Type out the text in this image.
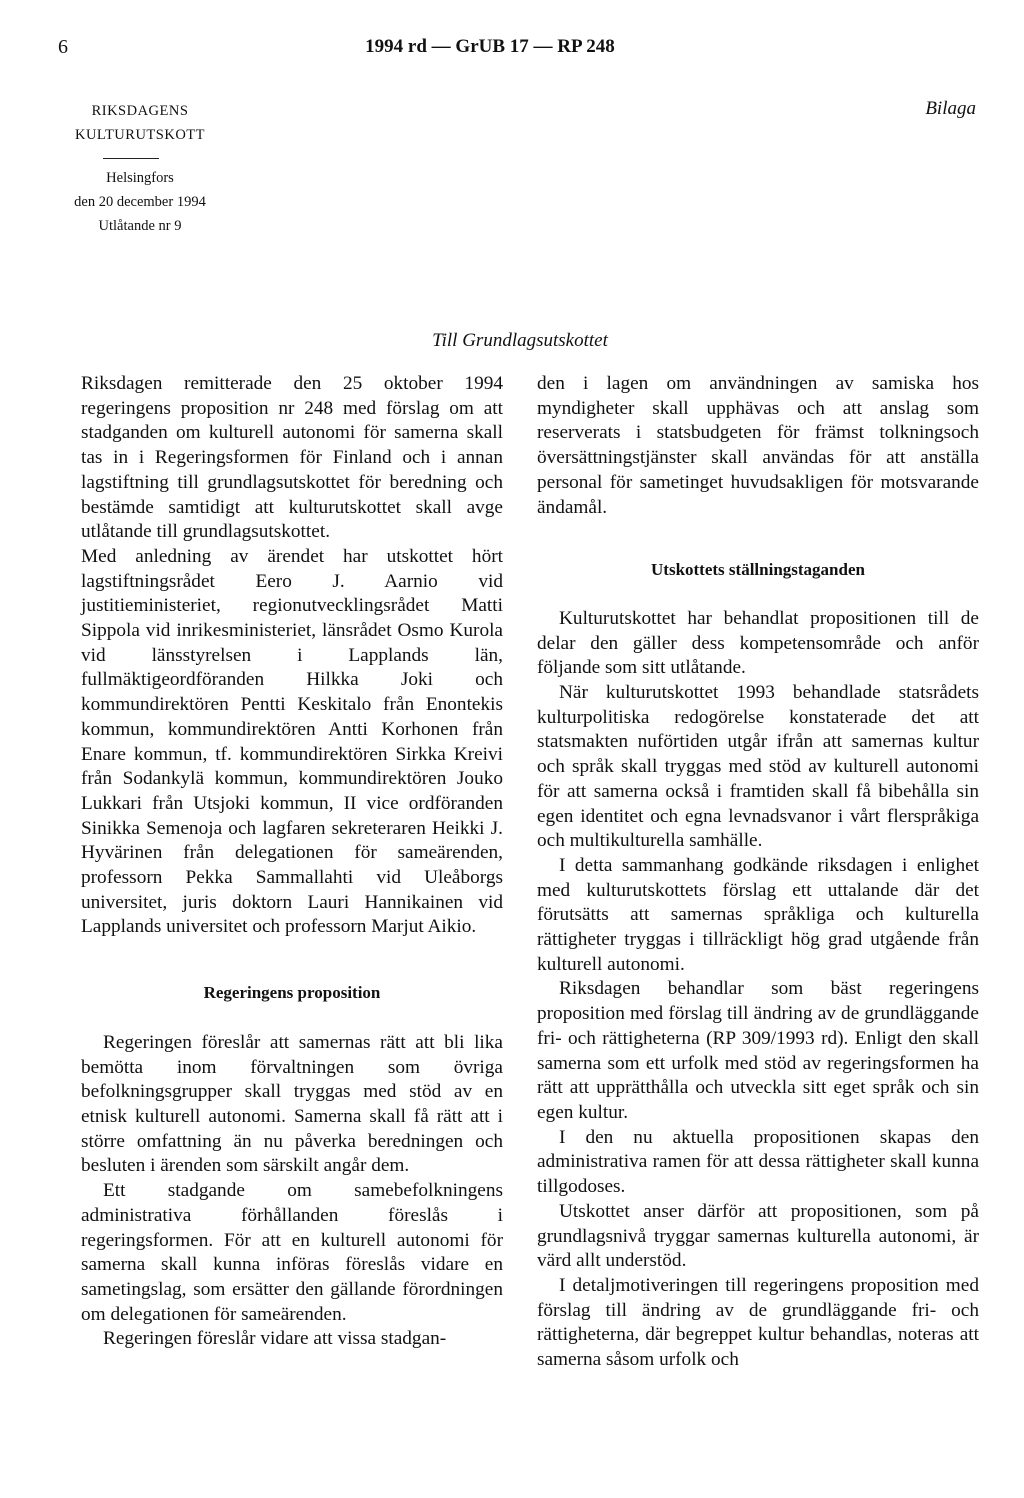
6	1994 rd — GrUB 17 — RP 248
RIKSDAGENS
KULTURUTSKOTT
Helsingfors
den 20 december 1994
Utlåtande nr 9
Bilaga
Till Grundlagsutskottet

Riksdagen remitterade den 25 oktober 1994 regeringens proposition nr 248 med förslag om att stadganden om kulturell autonomi för samerna skall tas in i Regeringsformen för Finland och i annan lagstiftning till grundlagsutskottet för beredning och bestämde samtidigt att kulturutskottet skall avge utlåtande till grundlagsutskottet.

Med anledning av ärendet har utskottet hört lagstiftningsrådet Eero J. Aarnio vid justitieministeriet, regionutvecklingsrådet Matti Sippola vid inrikesministeriet, länsrådet Osmo Kurola vid länsstyrelsen i Lapplands län, fullmäktigeordföranden Hilkka Joki och kommundirektören Pentti Keskitalo från Enontekis kommun, kommundirektören Antti Korhonen från Enare kommun, tf. kommundirektören Sirkka Kreivi från Sodankylä kommun, kommundirektören Jouko Lukkari från Utsjoki kommun, II vice ordföranden Sinikka Semenoja och lagfaren sekreteraren Heikki J. Hyvärinen från delegationen för sameärenden, professorn Pekka Sammallahti vid Uleåborgs universitet, juris doktorn Lauri Hannikainen vid Lapplands universitet och professorn Marjut Aikio.

Regeringens proposition

Regeringen föreslår att samernas rätt att bli lika bemötta inom förvaltningen som övriga befolkningsgrupper skall tryggas med stöd av en etnisk kulturell autonomi. Samerna skall få rätt att i större omfattning än nu påverka beredningen och besluten i ärenden som särskilt angår dem.

Ett stadgande om samebefolkningens administrativa förhållanden föreslås i regeringsformen. För att en kulturell autonomi för samerna skall kunna införas föreslås vidare en sametingslag, som ersätter den gällande förordningen om delegationen för sameärenden.

Regeringen föreslår vidare att vissa stadgan-

den i lagen om användningen av samiska hos myndigheter skall upphävas och att anslag som reserverats i statsbudgeten för främst tolkningsoch översättningstjänster skall användas för att anställa personal för sametinget huvudsakligen för motsvarande ändamål.

Utskottets ställningstaganden

Kulturutskottet har behandlat propositionen till de delar den gäller dess kompetensområde och anför följande som sitt utlåtande.

När kulturutskottet 1993 behandlade statsrådets kulturpolitiska redogörelse konstaterade det att statsmakten nuförtiden utgår ifrån att samernas kultur och språk skall tryggas med stöd av kulturell autonomi för att samerna också i framtiden skall få bibehålla sin egen identitet och egna levnadsvanor i vårt flerspråkiga och multikulturella samhälle.

I detta sammanhang godkände riksdagen i enlighet med kulturutskottets förslag ett uttalande där det förutsätts att samernas språkliga och kulturella rättigheter tryggas i tillräckligt hög grad utgående från kulturell autonomi.

Riksdagen behandlar som bäst regeringens proposition med förslag till ändring av de grundläggande fri- och rättigheterna (RP 309/1993 rd). Enligt den skall samerna som ett urfolk med stöd av regeringsformen ha rätt att upprätthålla och utveckla sitt eget språk och sin egen kultur.

I den nu aktuella propositionen skapas den administrativa ramen för att dessa rättigheter skall kunna tillgodoses.

Utskottet anser därför att propositionen, som på grundlagsnivå tryggar samernas kulturella autonomi, är värd allt understöd.

I detaljmotiveringen till regeringens proposition med förslag till ändring av de grundläggande fri- och rättigheterna, där begreppet kultur behandlas, noteras att samerna såsom urfolk och
